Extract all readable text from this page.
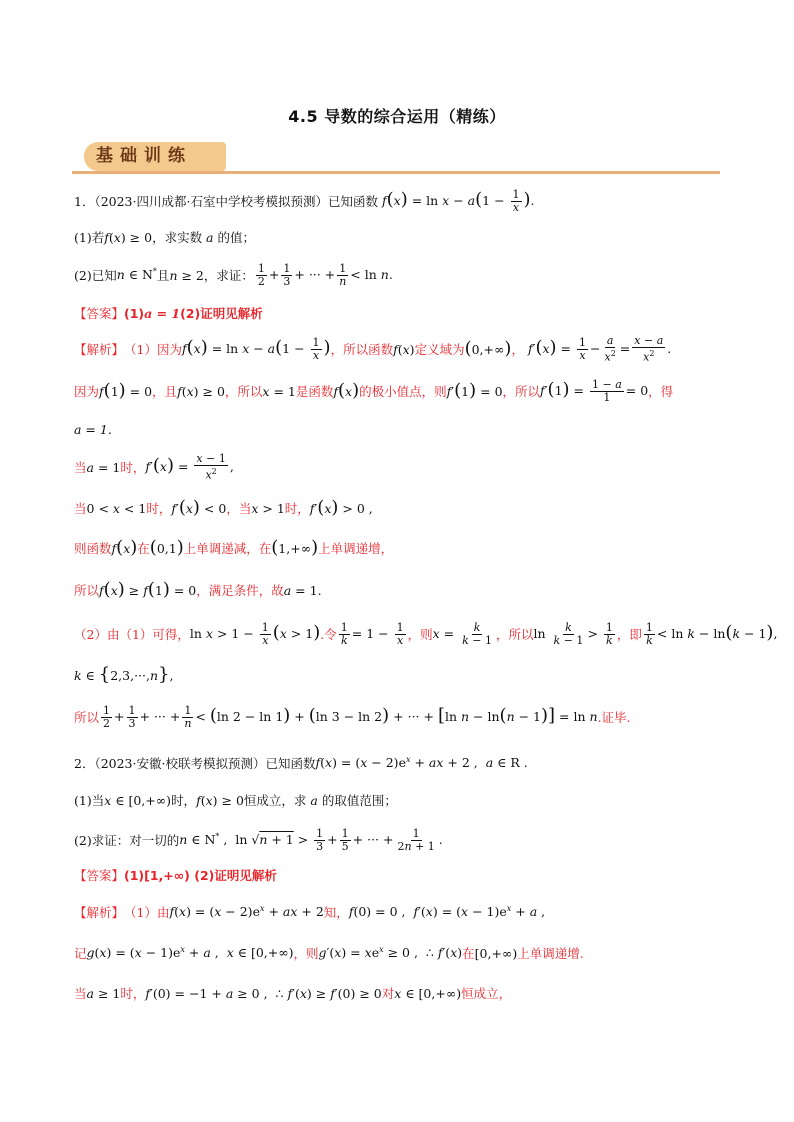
4.5 导数的综合运用（精练）
基础训练
1．（2023·四川成都·石室中学校考模拟预测）已知函数 $f(x) = \ln x - a(1 - \frac{1}{x}$ ).
(1)若 f(x) ≥ 0 ，求实数 a 的值；
(2)已知 n ∈ N* 且 n ≥ 2 ，求证： $\frac{1}{2} + \frac{1}{3}$ + ··· + $\frac{1}{n} < \ln n$.
【答案】 (1) a = 1 (2)证明见解析
【解析】 （1）因为 $f(x) = \ln x - a(1 - \frac{1}{x}$ ) ，所以函数 f(x) 定义域为 (0,+∞) ， $f'(x) = \frac{1}{x} - \frac{a}{x^2} = \frac{x - a}{x^2}$ .
因为 f(1) = 0 ，且 f(x) ≥ 0 ，所以 x = 1 是函数 f(x) 的极小值点，则 f′(1) = 0 ，所以 $f'(1) = \frac{1 - a}{1} = 0$ ，得
a = 1.
当 a = 1 时， $f'(x) = \frac{x - 1}{x^2}$ ,
当 0 < x < 1 时， f′(x) < 0 ，当 x > 1 时， f′(x) > 0 ,
则函数 f(x) 在 (0,1) 上单调递减，在 (1,+∞) 上单调递增，
所以 f(x) ≥ f(1) = 0 ，满足条件，故 a = 1.
（2）由（1）可得， $\ln x > 1 - \frac{1}{x} (x > 1)$ .令 $\frac{1}{k} = 1 - \frac{1}{x}$ ，则 $x = \frac{k}{k - 1}$ ，所以 $\ln \frac{k}{k - 1} > \frac{1}{k}$ ，即 $\frac{1}{k} < \ln k - \ln(k - 1)$,
k ∈ {2,3,···,n},
所以 $\frac{1}{2} + \frac{1}{3}$ + ··· + $\frac{1}{n} < (\ln$ 2 − ln 1) + (ln 3 − ln 2) + ··· + [ln n − ln(n − 1)] = ln n .证毕.
2．（2023·安徽·校联考模拟预测）已知函数 $f(x) = (x - 2)e^x$ + ax + 2 ,  a ∈ R .
(1)当 x ∈ [0,+∞) 时， f(x) ≥ 0 恒成立，求 a 的取值范围；
(2)求证：对一切的 n ∈ N* ,  $\ln √n + 1 > \frac{1}{3} + \frac{1}{5}$ + ··· + $\frac{1}{2n + 1}$ .
【答案】 (1)[1,+∞) (2)证明见解析
【解析】 （1）由 $f(x) = (x - 2)e^x$ + ax + 2 知， f(0) = 0 ,  $f'(x) = (x - 1)e^x + a$ ,
记 $g(x) = (x - 1)e^x + a$ ,  x ∈ [0,+∞) ，则 $g'(x) = xe^x \ge 0$ ,  ∴ f′(x) 在 [0,+∞) 上单调递增.
当 a ≥ 1 时， f′(0) = −1 + a ≥ 0 ,  ∴ f′(x) ≥ f′(0) ≥ 0 对 x ∈ [0,+∞) 恒成立，
